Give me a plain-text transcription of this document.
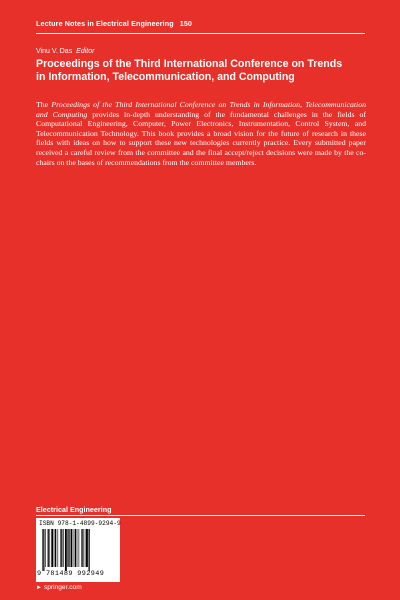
Lecture Notes in Electrical Engineering 150
Vinu V. Das Editor
Proceedings of the Third International Conference on Trends
in Information, Telecommunication, and Computing
The Proceedings of the Third International Conference on Trends in Information, Telecommunication and Computing provides in-depth understanding of the fundamental challenges in the fields of Computational Engineering, Computer, Power Electronics, Instrumentation, Control System, and Telecommunication Technology. This book provides a broad vision for the future of research in these fields with ideas on how to support these new technologies currently practice. Every submitted paper received a careful review from the committee and the final accept/reject decisions were made by the co-chairs on the bases of recommendations from the committee members.
Electrical Engineering
ISBN 978-1-4899-9294-9
9 781489 992949
► springer.com
